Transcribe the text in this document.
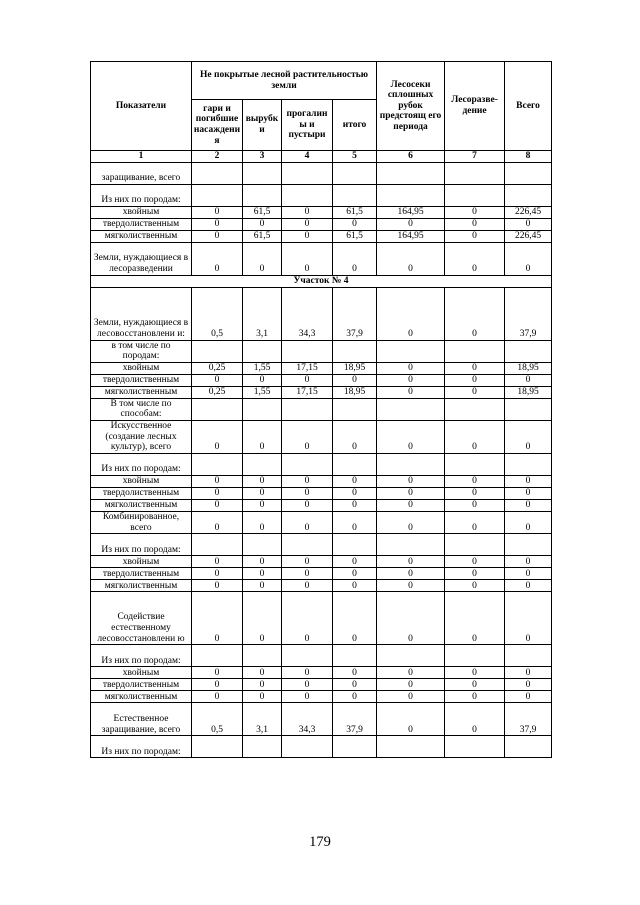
Показатели	Не покрытые лесной растительностью земли				Лесосеки сплошных рубок предстоящ его периода	Лесоразве-дение	Всего
	гари и погибшие насаждени я	вырубк и	прогалин ы и пустыри	итого			
1	2	3	4	5	6	7	8
заращивание, всего							
Из них по породам:							
хвойным	0	61,5	0	61,5	164,95	0	226,45
твердолиственным	0	0	0	0	0	0	0
мягколиственным	0	61,5	0	61,5	164,95	0	226,45
Земли, нуждающиеся в лесоразведении	0	0	0	0	0	0	0
Участок № 4							
Земли, нуждающиеся в лесовосстановлени и:	0,5	3,1	34,3	37,9	0	0	37,9
в том числе по породам:							
хвойным	0,25	1,55	17,15	18,95	0	0	18,95
твердолиственным	0	0	0	0	0	0	0
мягколиственным	0,25	1,55	17,15	18,95	0	0	18,95
В том числе по способам:							
Искусственное (создание лесных культур), всего	0	0	0	0	0	0	0
Из них по породам:							
хвойным	0	0	0	0	0	0	0
твердолиственным	0	0	0	0	0	0	0
мягколиственным	0	0	0	0	0	0	0
Комбинированное, всего	0	0	0	0	0	0	0
Из них по породам:							
хвойным	0	0	0	0	0	0	0
твердолиственным	0	0	0	0	0	0	0
мягколиственным	0	0	0	0	0	0	0
Содействие естественному лесовосстановлени ю	0	0	0	0	0	0	0
Из них по породам:							
хвойным	0	0	0	0	0	0	0
твердолиственным	0	0	0	0	0	0	0
мягколиственным	0	0	0	0	0	0	0
Естественное заращивание, всего	0,5	3,1	34,3	37,9	0	0	37,9
Из них по породам:							
179
